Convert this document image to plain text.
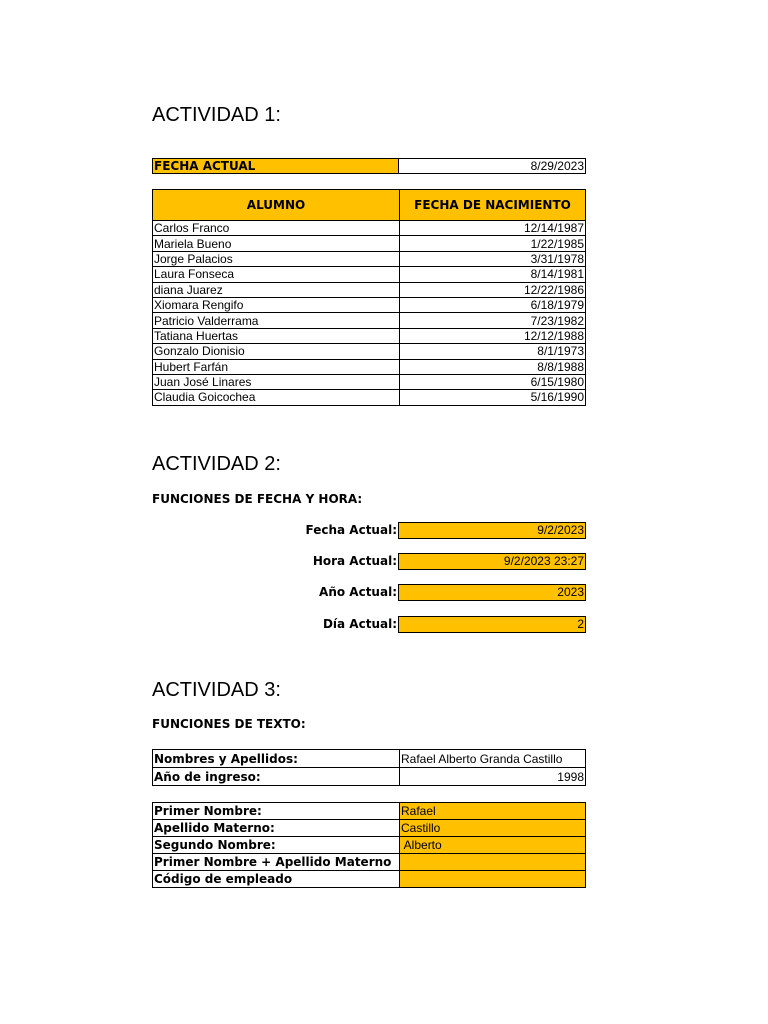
ACTIVIDAD 1:
FECHA ACTUAL	8/29/2023
ALUMNO	FECHA DE NACIMIENTO
Carlos Franco	12/14/1987
Mariela Bueno	1/22/1985
Jorge Palacios	3/31/1978
Laura Fonseca	8/14/1981
diana Juarez	12/22/1986
Xiomara Rengifo	6/18/1979
Patricio Valderrama	7/23/1982
Tatiana Huertas	12/12/1988
Gonzalo Dionisio	8/1/1973
Hubert Farfán	8/8/1988
Juan José Linares	6/15/1980
Claudia Goicochea	5/16/1990
ACTIVIDAD 2:
FUNCIONES DE FECHA Y HORA:
Fecha Actual:	9/2/2023
Hora Actual:	9/2/2023 23:27
Año Actual:	2023
Día Actual:	2
ACTIVIDAD 3:
FUNCIONES DE TEXTO:
Nombres y Apellidos:	Rafael Alberto Granda Castillo
Año de ingreso:	1998
Primer Nombre:	Rafael
Apellido Materno:	Castillo
Segundo Nombre:	Alberto
Primer Nombre + Apellido Materno	
Código de empleado	
